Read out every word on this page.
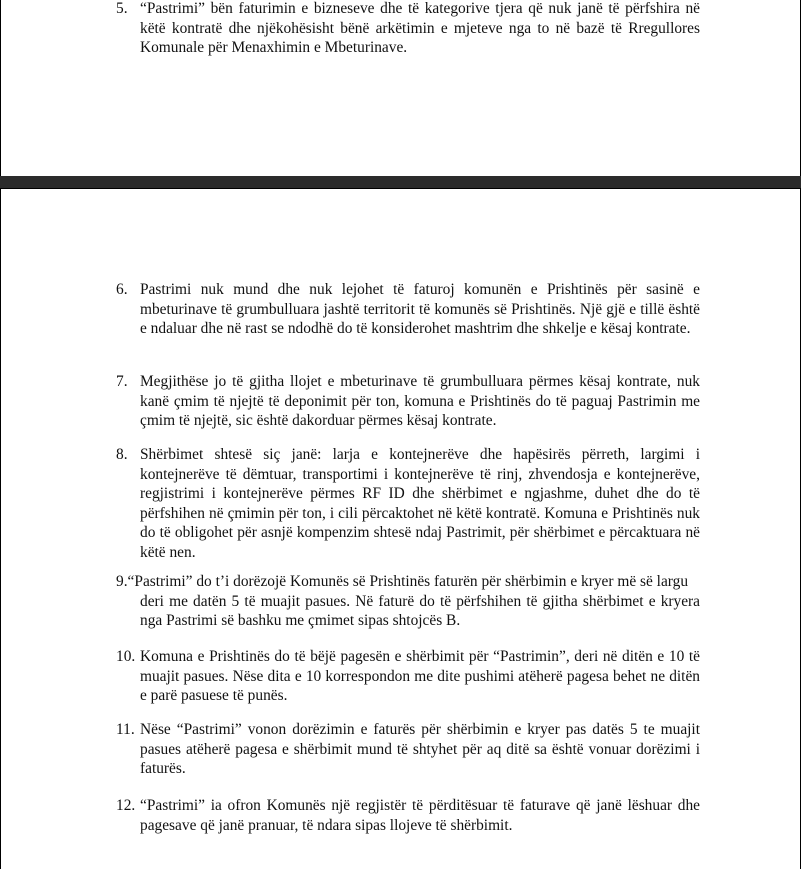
5. “Pastrimi” bën faturimin e bizneseve dhe të kategorive tjera që nuk janë të përfshira në këtë kontratë dhe njëkohësisht bënë arkëtimin e mjeteve nga to në bazë të Rregullores Komunale për Menaxhimin e Mbeturinave.
6. Pastrimi nuk mund dhe nuk lejohet të faturoj komunën e Prishtinës për sasinë e mbeturinave të grumbulluara jashtë territorit të komunës së Prishtinës. Një gjë e tillë është e ndaluar dhe në rast se ndodhë do të konsiderohet mashtrim dhe shkelje e kësaj kontrate.
7. Megjithëse jo të gjitha llojet e mbeturinave të grumbulluara përmes kësaj kontrate, nuk kanë çmim të njejtë të deponimit për ton, komuna e Prishtinës do të paguaj Pastrimin me çmim të njejtë, sic është dakorduar përmes kësaj kontrate.
8. Shërbimet shtesë siç janë: larja e kontejnerëve dhe hapësirës përreth, largimi i kontejnerëve të dëmtuar, transportimi i kontejnerëve të rinj, zhvendosja e kontejnerëve, regjistrimi i kontejnerëve përmes RF ID dhe shërbimet e ngjashme, duhet dhe do të përfshihen në çmimin për ton, i cili përcaktohet në këtë kontratë. Komuna e Prishtinës nuk do të obligohet për asnjë kompenzim shtesë ndaj Pastrimit, për shërbimet e përcaktuara në këtë nen.
9.“Pastrimi” do t’i dorëzojë Komunës së Prishtinës faturën për shërbimin e kryer më së largu
deri me datën 5 të muajit pasues. Në faturë do të përfshihen të gjitha shërbimet e kryera nga Pastrimi së bashku me çmimet sipas shtojcës B.
10. Komuna e Prishtinës do të bëjë pagesën e shërbimit për “Pastrimin”, deri në ditën e 10 të muajit pasues. Nëse dita e 10 korrespondon me dite pushimi atëherë pagesa behet ne ditën e parë pasuese të punës.
11. Nëse “Pastrimi” vonon dorëzimin e faturës për shërbimin e kryer pas datës 5 te muajit pasues atëherë pagesa e shërbimit mund të shtyhet për aq ditë sa është vonuar dorëzimi i faturës.
12. “Pastrimi” ia ofron Komunës një regjistër të përditësuar të faturave që janë lëshuar dhe pagesave që janë pranuar, të ndara sipas llojeve të shërbimit.
